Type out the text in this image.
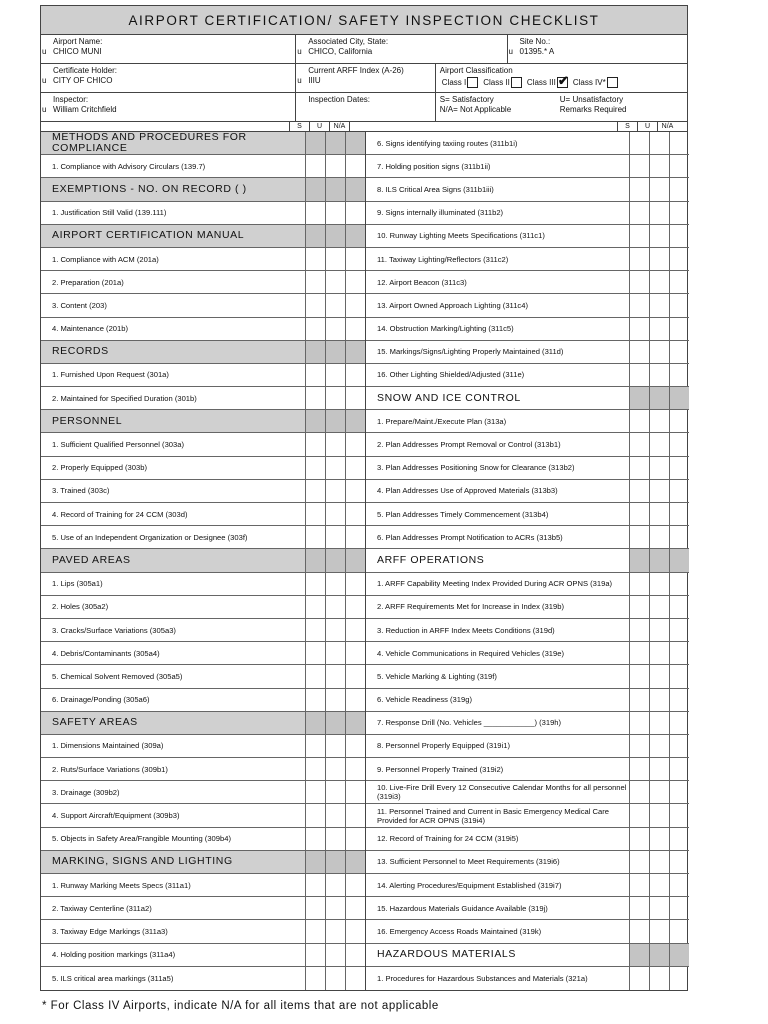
AIRPORT CERTIFICATION/ SAFETY INSPECTION CHECKLIST
Airport Name:
u CHICO MUNI
Associated City, State:
u CHICO, California
Site No.:
u 01395.* A
Certificate Holder:
u CITY OF CHICO
Current ARFF Index (A-26)
u IIIU
Airport Classification
Class I Class II Class III ✔ Class IV*
Inspector:
u William Critchfield
Inspection Dates:	S= Satisfactory	U= Unsatisfactory
N/A= Not Applicable	Remarks Required
S	U	N/A	S	U	N/A
METHODS AND PROCEDURES FOR COMPLIANCE
1. Compliance with Advisory Circulars (139.7)
EXEMPTIONS - NO. ON RECORD ( )
1. Justification Still Valid (139.111)
AIRPORT CERTIFICATION MANUAL
1. Compliance with ACM (201a)
2. Preparation (201a)
3. Content (203)
4. Maintenance (201b)
RECORDS
1. Furnished Upon Request (301a)
2. Maintained for Specified Duration (301b)
PERSONNEL
1. Sufficient Qualified Personnel (303a)
2. Properly Equipped (303b)
3. Trained (303c)
4. Record of Training for 24 CCM (303d)
5. Use of an Independent Organization or Designee (303f)
PAVED AREAS
1. Lips (305a1)
2. Holes (305a2)
3. Cracks/Surface Variations (305a3)
4. Debris/Contaminants (305a4)
5. Chemical Solvent Removed (305a5)
6. Drainage/Ponding (305a6)
SAFETY AREAS
1. Dimensions Maintained (309a)
2. Ruts/Surface Variations (309b1)
3. Drainage (309b2)
4. Support Aircraft/Equipment (309b3)
5. Objects in Safety Area/Frangible Mounting (309b4)
MARKING, SIGNS AND LIGHTING
1. Runway Marking Meets Specs (311a1)
2. Taxiway Centerline (311a2)
3. Taxiway Edge Markings (311a3)
4. Holding position markings (311a4)
5. ILS critical area markings (311a5)
6. Signs identifying taxiing routes (311b1i)
7. Holding position signs (311b1ii)
8. ILS Critical Area Signs (311b1iii)
9. Signs internally illuminated (311b2)
10. Runway Lighting Meets Specifications (311c1)
11. Taxiway Lighting/Reflectors (311c2)
12. Airport Beacon (311c3)
13. Airport Owned Approach Lighting (311c4)
14. Obstruction Marking/Lighting (311c5)
15. Markings/Signs/Lighting Properly Maintained (311d)
16. Other Lighting Shielded/Adjusted (311e)
SNOW AND ICE CONTROL
1. Prepare/Maint./Execute Plan (313a)
2. Plan Addresses Prompt Removal or Control (313b1)
3. Plan Addresses Positioning Snow for Clearance (313b2)
4. Plan Addresses Use of Approved Materials (313b3)
5. Plan Addresses Timely Commencement (313b4)
6. Plan Addresses Prompt Notification to ACRs (313b5)
ARFF OPERATIONS
1. ARFF Capability Meeting Index Provided During ACR OPNS (319a)
2. ARFF Requirements Met for Increase in Index (319b)
3. Reduction in ARFF Index Meets Conditions (319d)
4. Vehicle Communications in Required Vehicles (319e)
5. Vehicle Marking & Lighting (319f)
6. Vehicle Readiness (319g)
7. Response Drill (No. Vehicles ____________) (319h)
8. Personnel Properly Equipped (319i1)
9. Personnel Properly Trained (319i2)
10. Live-Fire Drill Every 12 Consecutive Calendar Months for all personnel (319i3)
11. Personnel Trained and Current in Basic Emergency Medical Care Provided for ACR OPNS (319i4)
12. Record of Training for 24 CCM (319i5)
13. Sufficient Personnel to Meet Requirements (319i6)
14. Alerting Procedures/Equipment Established (319i7)
15. Hazardous Materials Guidance Available (319j)
16. Emergency Access Roads Maintained (319k)
HAZARDOUS MATERIALS
1. Procedures for Hazardous Substances and Materials (321a)
* For Class IV Airports, indicate N/A for all items that are not applicable
